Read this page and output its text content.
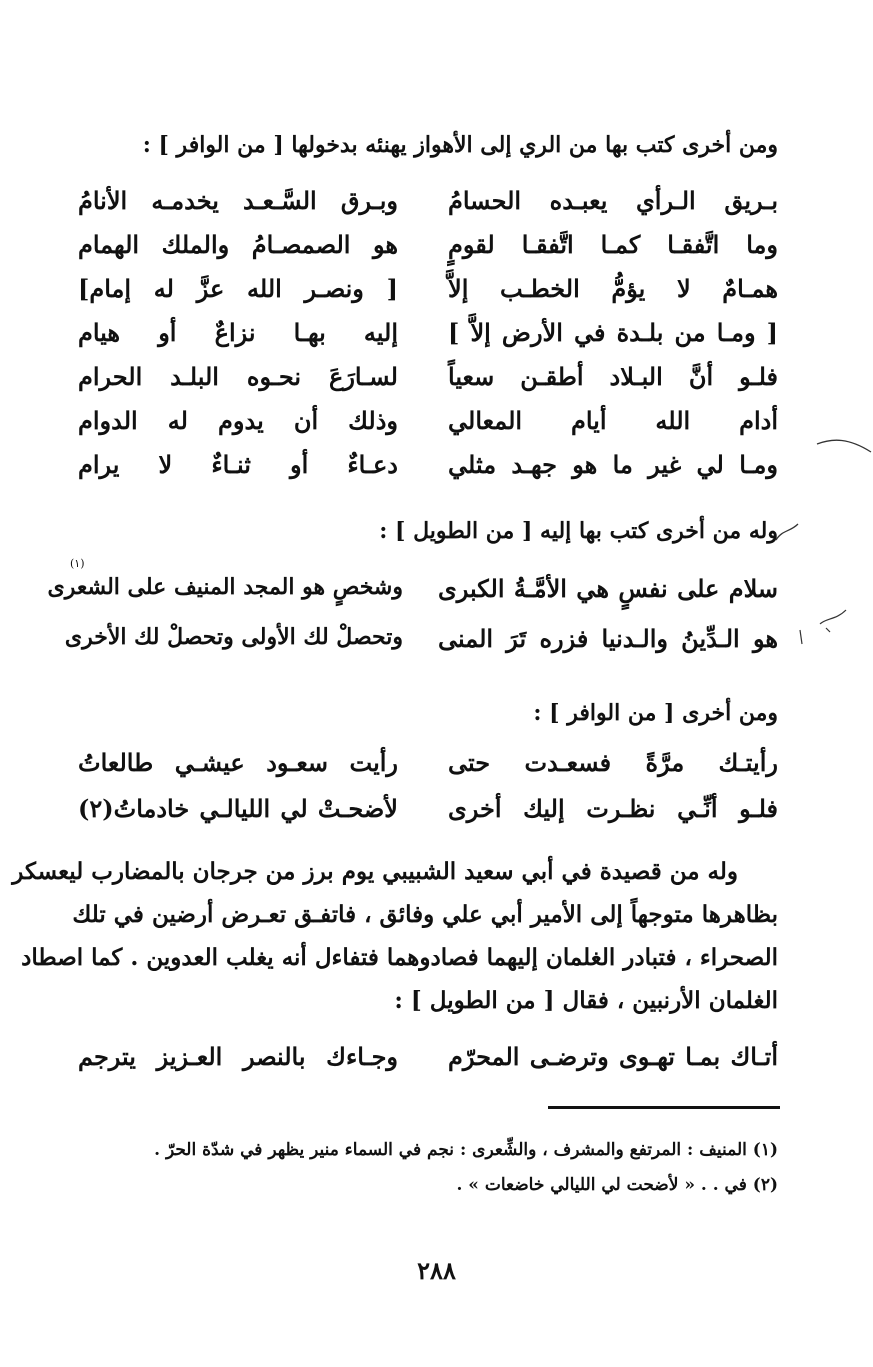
ومن أخرى كتب بها من الري إلى الأهواز يهنئه بدخولها [ من الوافر ] :
بـريق الـرأي يعبـده الحسامُ
وبـرق السَّـعـد يخدمـه الأنامُ
وما اتَّفقـا كمـا اتَّفقـا لقومٍ
هو الصمصـامُ والملك الهمام
همـامٌ لا يؤمُّ الخطـب إلاَّ
[ ونصـر الله عزَّ له إمام]
[ ومـا من بلـدة في الأرض إلاَّ ]
إليه بهـا نزاعٌ أو هيام
فلـو أنَّ البـلاد أطقـن سعياً
لسـارَعَ نحـوه البلـد الحرام
أدام الله أيام المعالي
وذلك أن يدوم له الدوام
ومـا لي غير ما هو جهـد مثلي
دعـاءٌ أو ثنـاءٌ لا يرام
وله من أخرى كتب بها إليه [ من الطويل ] :
(١)
سلام على نفسٍ هي الأمَّـةُ الكبرى
وشخصٍ هو المجد المنيف على الشعرى
هو الـدِّينُ والـدنيا فزره تَرَ المنى
وتحصلْ لك الأولى وتحصلْ لك الأخرى
ومن أخرى [ من الوافر ] :
رأيتـك مرَّةً فسعـدت حتى
رأيت سعـود عيشـي طالعاتُ
فلـو أنِّـي نظـرت إليك أخرى
لأضحـتْ لي الليالـي خادماتُ(٢)
وله من قصيدة في أبي سعيد الشبيبي يوم برز من جرجان بالمضارب ليعسكر
بظاهرها متوجهاً إلى الأمير أبي علي وفائق ، فاتفـق تعـرض أرضين في تلك
الصحراء ، فتبادر الغلمان إليهما فصادوهما فتفاءل أنه يغلب العدوين . كما اصطاد
الغلمان الأرنبين ، فقال [ من الطويل ] :
أتـاك بمـا تهـوى وترضـى المحرّم
وجـاءك بالنصر العـزيز يترجم
(١) المنيف : المرتفع والمشرف ، والشِّعرى : نجم في السماء منير يظهر في شدّة الحرّ .
(٢) في . . « لأضحت لي الليالي خاضعات » .
٢٨٨
